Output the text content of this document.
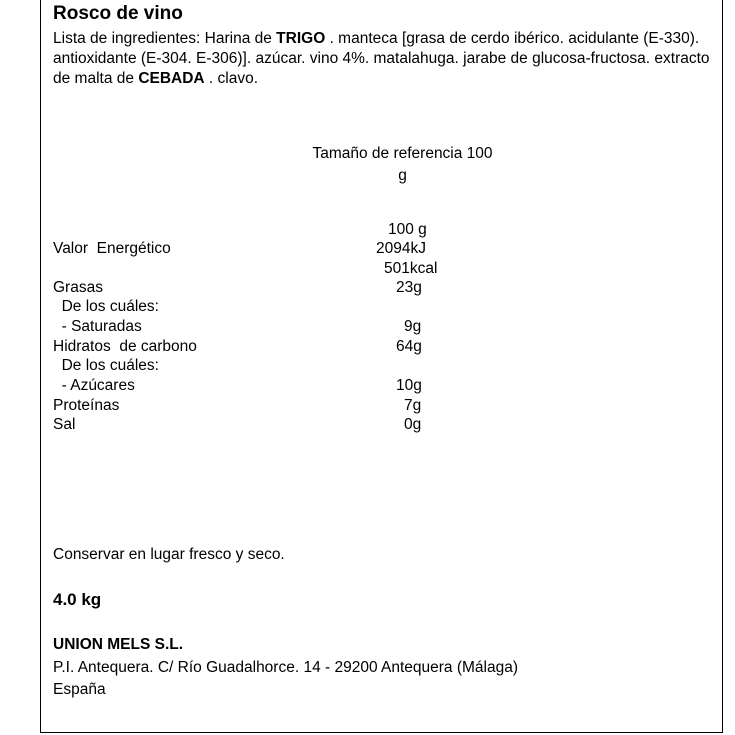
Rosco de vino
Lista de ingredientes: Harina de TRIGO . manteca [grasa de cerdo ibérico. acidulante (E-330). antioxidante (E-304. E-306)]. azúcar. vino 4%. matalahuga. jarabe de glucosa-fructosa. extracto de malta de CEBADA . clavo.
Tamaño de referencia 100
g
100 g
Valor  Energético	2094kJ
501kcal
Grasas	23g
De los cuáles:
- Saturadas	9g
Hidratos  de carbono	64g
De los cuáles:
- Azúcares	10g
Proteínas	7g
Sal	0g
Conservar en lugar fresco y seco.
4.0 kg
UNION MELS S.L.
P.I. Antequera. C/ Río Guadalhorce. 14 - 29200 Antequera (Málaga)
España
